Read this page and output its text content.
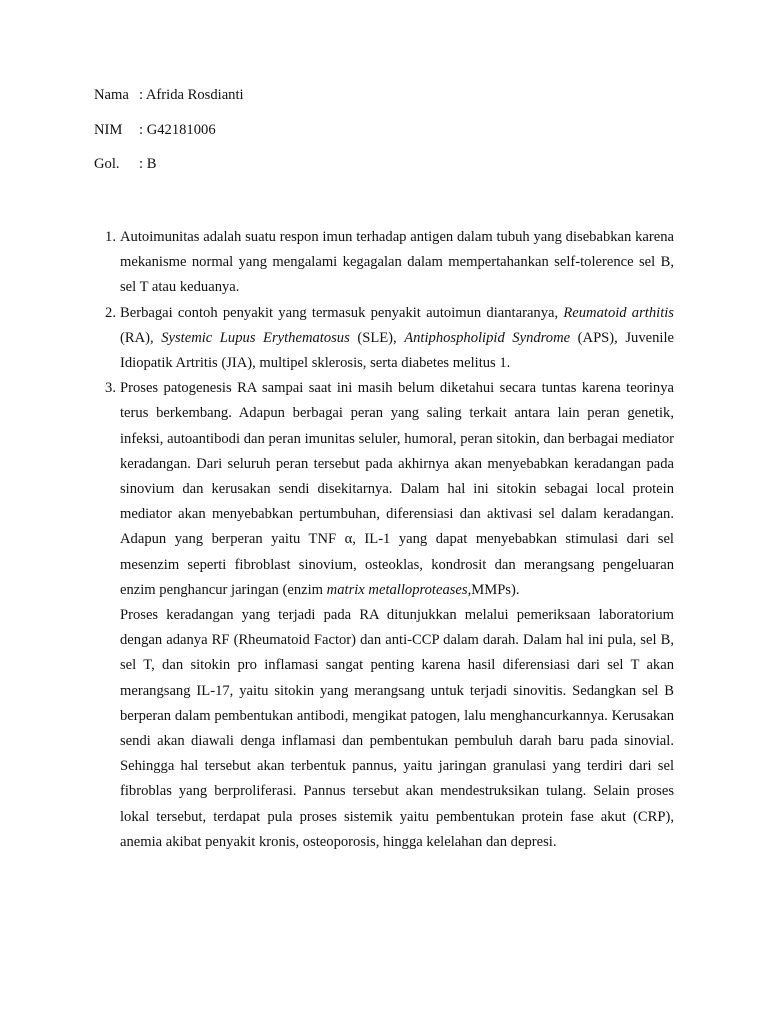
Nama : Afrida Rosdianti
NIM	: G42181006
Gol.	: B
1. Autoimunitas adalah suatu respon imun terhadap antigen dalam tubuh yang disebabkan karena mekanisme normal yang mengalami kegagalan dalam mempertahankan self-tolerence sel B, sel T atau keduanya.

2. Berbagai contoh penyakit yang termasuk penyakit autoimun diantaranya, Reumatoid arthitis (RA), Systemic Lupus Erythematosus (SLE), Antiphospholipid Syndrome (APS), Juvenile Idiopatik Artritis (JIA), multipel sklerosis, serta diabetes melitus 1.

3. Proses patogenesis RA sampai saat ini masih belum diketahui secara tuntas karena teorinya terus berkembang. Adapun berbagai peran yang saling terkait antara lain peran genetik, infeksi, autoantibodi dan peran imunitas seluler, humoral, peran sitokin, dan berbagai mediator keradangan. Dari seluruh peran tersebut pada akhirnya akan menyebabkan keradangan pada sinovium dan kerusakan sendi disekitarnya. Dalam hal ini sitokin sebagai local protein mediator akan menyebabkan pertumbuhan, diferensiasi dan aktivasi sel dalam keradangan. Adapun yang berperan yaitu TNF α, IL-1 yang dapat menyebabkan stimulasi dari sel mesenzim seperti fibroblast sinovium, osteoklas, kondrosit dan merangsang pengeluaran enzim penghancur jaringan (enzim matrix metalloproteases,MMPs).

Proses keradangan yang terjadi pada RA ditunjukkan melalui pemeriksaan laboratorium dengan adanya RF (Rheumatoid Factor) dan anti-CCP dalam darah. Dalam hal ini pula, sel B, sel T, dan sitokin pro inflamasi sangat penting karena hasil diferensiasi dari sel T akan merangsang IL-17, yaitu sitokin yang merangsang untuk terjadi sinovitis. Sedangkan sel B berperan dalam pembentukan antibodi, mengikat patogen, lalu menghancurkannya. Kerusakan sendi akan diawali denga inflamasi dan pembentukan pembuluh darah baru pada sinovial. Sehingga hal tersebut akan terbentuk pannus, yaitu jaringan granulasi yang terdiri dari sel fibroblas yang berproliferasi. Pannus tersebut akan mendestruksikan tulang. Selain proses lokal tersebut, terdapat pula proses sistemik yaitu pembentukan protein fase akut (CRP), anemia akibat penyakit kronis, osteoporosis, hingga kelelahan dan depresi.
